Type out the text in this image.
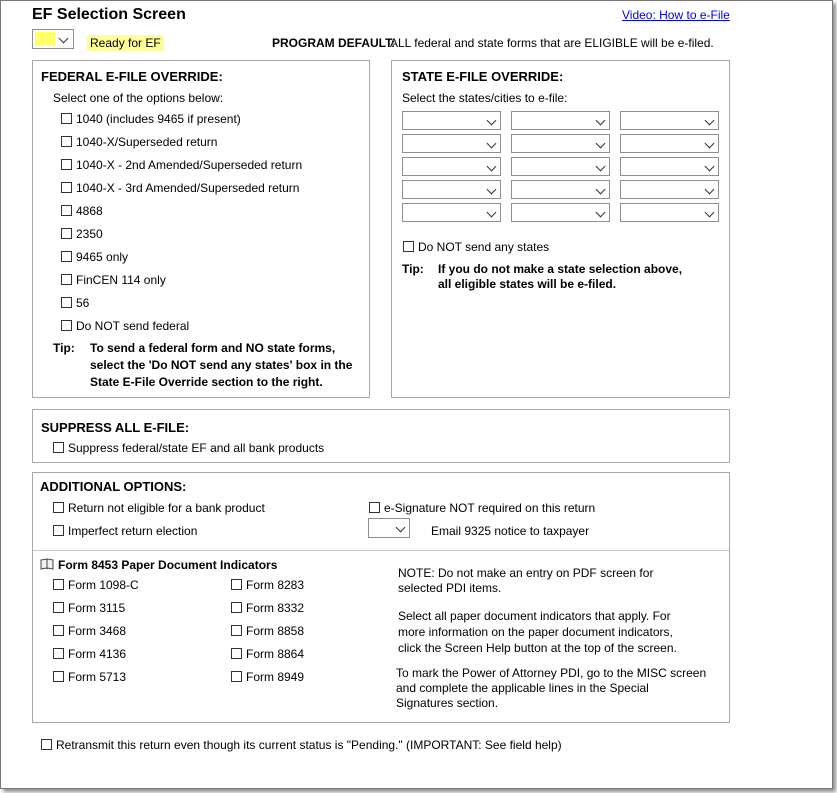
EF Selection Screen	Video: How to e-File
Ready for EF	PROGRAM DEFAULT:
ALL federal and state forms that are ELIGIBLE will be e-filed.
FEDERAL E-FILE OVERRIDE:
Select one of the options below:
1040 (includes 9465 if present)
1040-X/Superseded return
1040-X - 2nd Amended/Superseded return
1040-X - 3rd Amended/Superseded return
4868
2350
9465 only
FinCEN 114 only
56
Do NOT send federal
Tip: To send a federal form and NO state forms,
select the 'Do NOT send any states' box in the
State E-File Override section to the right.
STATE E-FILE OVERRIDE:
Select the states/cities to e-file:
Do NOT send any states
Tip: If you do not make a state selection above,
all eligible states will be e-filed.
SUPPRESS ALL E-FILE:
Suppress federal/state EF and all bank products
ADDITIONAL OPTIONS:
Return not eligible for a bank product
Imperfect return election
e-Signature NOT required on this return
Email 9325 notice to taxpayer
Form 8453 Paper Document Indicators
Form 1098-C
Form 3115
Form 3468
Form 4136
Form 5713
Form 8283
Form 8332
Form 8858
Form 8864
Form 8949
NOTE: Do not make an entry on PDF screen for
selected PDI items.
Select all paper document indicators that apply. For
more information on the paper document indicators,
click the Screen Help button at the top of the screen.
To mark the Power of Attorney PDI, go to the MISC screen
and complete the applicable lines in the Special
Signatures section.
Retransmit this return even though its current status is "Pending." (IMPORTANT: See field help)
